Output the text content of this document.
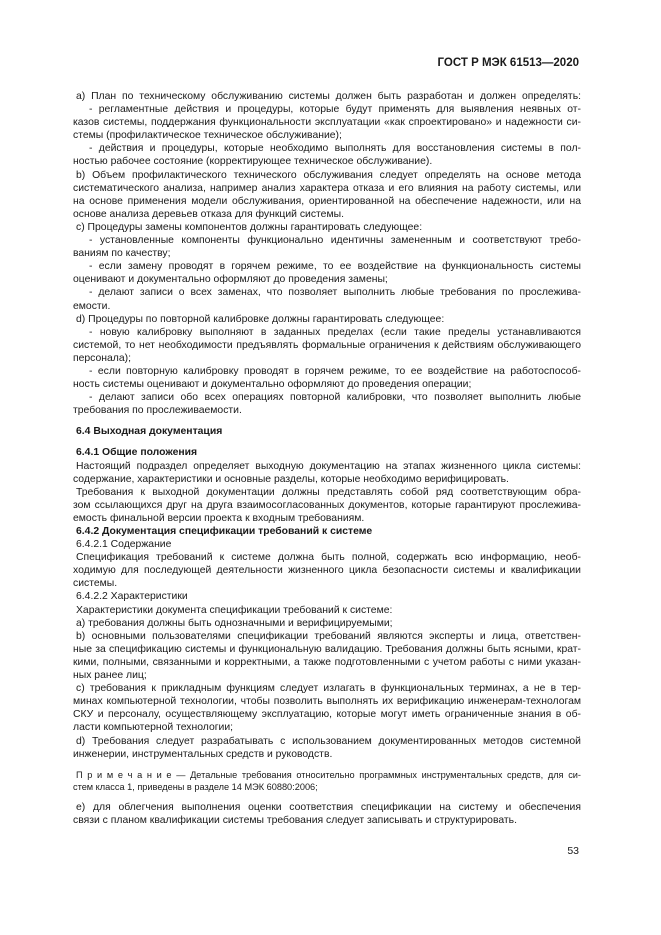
ГОСТ Р МЭК 61513—2020
a) План по техническому обслуживанию системы должен быть разработан и должен определять:
- регламентные действия и процедуры, которые будут применять для выявления неявных от-
казов системы, поддержания функциональности эксплуатации «как спроектировано» и надежности си-
стемы (профилактическое техническое обслуживание);
- действия и процедуры, которые необходимо выполнять для восстановления системы в пол-
ностью рабочее состояние (корректирующее техническое обслуживание).
b) Объем профилактического технического обслуживания следует определять на основе метода
систематического анализа, например анализ характера отказа и его влияния на работу системы, или
на основе применения модели обслуживания, ориентированной на обеспечение надежности, или на
основе анализа деревьев отказа для функций системы.
c) Процедуры замены компонентов должны гарантировать следующее:
- установленные компоненты функционально идентичны замененным и соответствуют требо-
ваниям по качеству;
- если замену проводят в горячем режиме, то ее воздействие на функциональность системы
оценивают и документально оформляют до проведения замены;
- делают записи о всех заменах, что позволяет выполнить любые требования по прослежива-
емости.
d) Процедуры по повторной калибровке должны гарантировать следующее:
- новую калибровку выполняют в заданных пределах (если такие пределы устанавливаются
системой, то нет необходимости предъявлять формальные ограничения к действиям обслуживающего
персонала);
- если повторную калибровку проводят в горячем режиме, то ее воздействие на работоспособ-
ность системы оценивают и документально оформляют до проведения операции;
- делают записи обо всех операциях повторной калибровки, что позволяет выполнить любые
требования по прослеживаемости.
6.4 Выходная документация
6.4.1 Общие положения
Настоящий подраздел определяет выходную документацию на этапах жизненного цикла системы:
содержание, характеристики и основные разделы, которые необходимо верифицировать.
Требования к выходной документации должны представлять собой ряд соответствующим обра-
зом ссылающихся друг на друга взаимосогласованных документов, которые гарантируют прослежива-
емость финальной версии проекта к входным требованиям.
6.4.2 Документация спецификации требований к системе
6.4.2.1 Содержание
Спецификация требований к системе должна быть полной, содержать всю информацию, необ-
ходимую для последующей деятельности жизненного цикла безопасности системы и квалификации
системы.
6.4.2.2 Характеристики
Характеристики документа спецификации требований к системе:
a) требования должны быть однозначными и верифицируемыми;
b) основными пользователями спецификации требований являются эксперты и лица, ответствен-
ные за спецификацию системы и функциональную валидацию. Требования должны быть ясными, крат-
кими, полными, связанными и корректными, а также подготовленными с учетом работы с ними указан-
ных ранее лиц;
c) требования к прикладным функциям следует излагать в функциональных терминах, а не в тер-
минах компьютерной технологии, чтобы позволить выполнять их верификацию инженерам-технологам
СКУ и персоналу, осуществляющему эксплуатацию, которые могут иметь ограниченные знания в об-
ласти компьютерной технологии;
d) Требования следует разрабатывать с использованием документированных методов системной
инженерии, инструментальных средств и руководств.
П р и м е ч а н и е — Детальные требования относительно программных инструментальных средств, для си-
стем класса 1, приведены в разделе 14 МЭК 60880:2006;
e) для облегчения выполнения оценки соответствия спецификации на систему и обеспечения
связи с планом квалификации системы требования следует записывать и структурировать.
53
